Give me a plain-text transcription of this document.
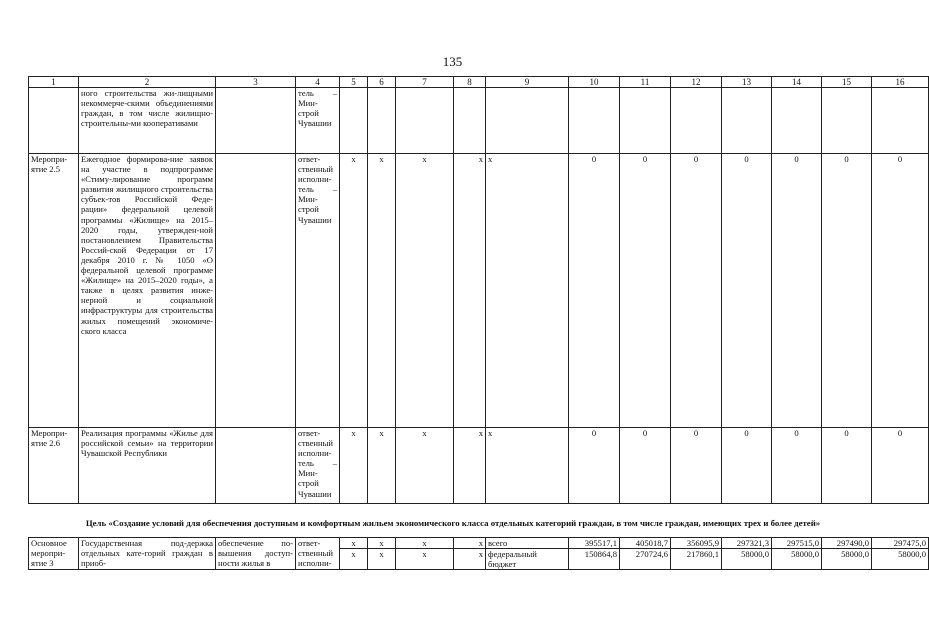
135
1	2	3	4	5	6	7	8	9	10	11	12	13	14	15	16
	ного строительства жи-лищными некоммерче-скими объединениями граждан, в том числе жилищно-строительны-ми кооперативами		тель – Мин-строй Чувашии												
Меропри-ятие 2.5	Ежегодное формирова-ние заявок на участие в подпрограмме «Стиму-лирование программ развития жилищного строительства субъек-тов Российской Феде-рации» федеральной целевой программы «Жилище» на 2015–2020 годы, утвержден-ной постановлением Правительства Россий-ской Федерации от 17 декабря 2010 г. № 1050 «О федеральной целевой программе «Жилище» на 2015–2020 годы», а также в целях развития инже-нерной и социальной инфраструктуры для строительства жилых помещений экономиче-ского класса		ответ-ственный исполни-тель – Мин-строй Чувашии	x	x	x	x	x	0	0	0	0	0	0	0
Меропри-ятие 2.6	Реализация программы «Жилье для российской семьи» на территории Чувашской Республики		ответ-ственный исполни-тель – Мин-строй Чувашии	x	x	x	x	x	0	0	0	0	0	0	0
Цель «Создание условий для обеспечения доступным и комфортным жильем экономического класса отдельных категорий граждан, в том числе граждан, имеющих трех и более детей»
Основное меропри-ятие 3	Государственная под-держка отдельных кате-горий граждан в приоб-	обеспечение по-вышения доступ-ности жилья в	ответ-ственный исполни-	x	x	x	x	всего	395517,1	405018,7	356095,9	297321,3	297515,0	297490,0	297475,0
				x	x	x	x	федеральный бюджет	150864,8	270724,6	217860,1	58000,0	58000,0	58000,0	58000,0
